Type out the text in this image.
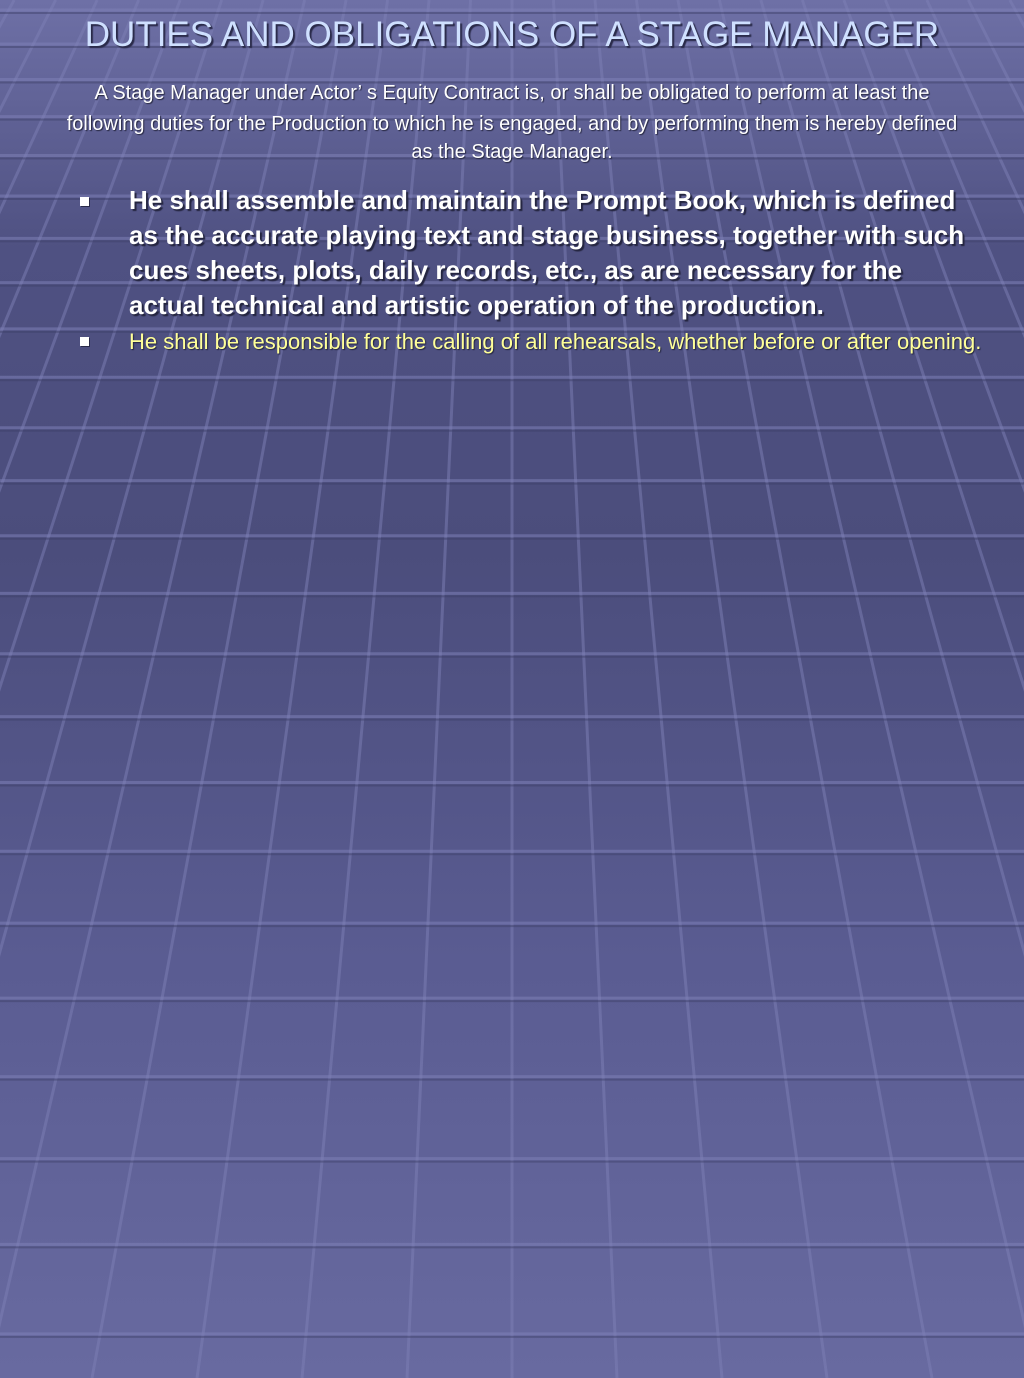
DUTIES AND OBLIGATIONS OF A STAGE MANAGER

A Stage Manager under Actor’ s Equity Contract is, or shall be obligated to perform at least the
following duties for the Production to which he is engaged, and by performing them is hereby defined
as the Stage Manager.

He shall assemble and maintain the Prompt Book, which is defined as the accurate playing text and stage business, together with such cues sheets, plots, daily records, etc., as are necessary for the actual technical and artistic operation of the production.
He shall be responsible for the calling of all rehearsals, whether before or after opening.
